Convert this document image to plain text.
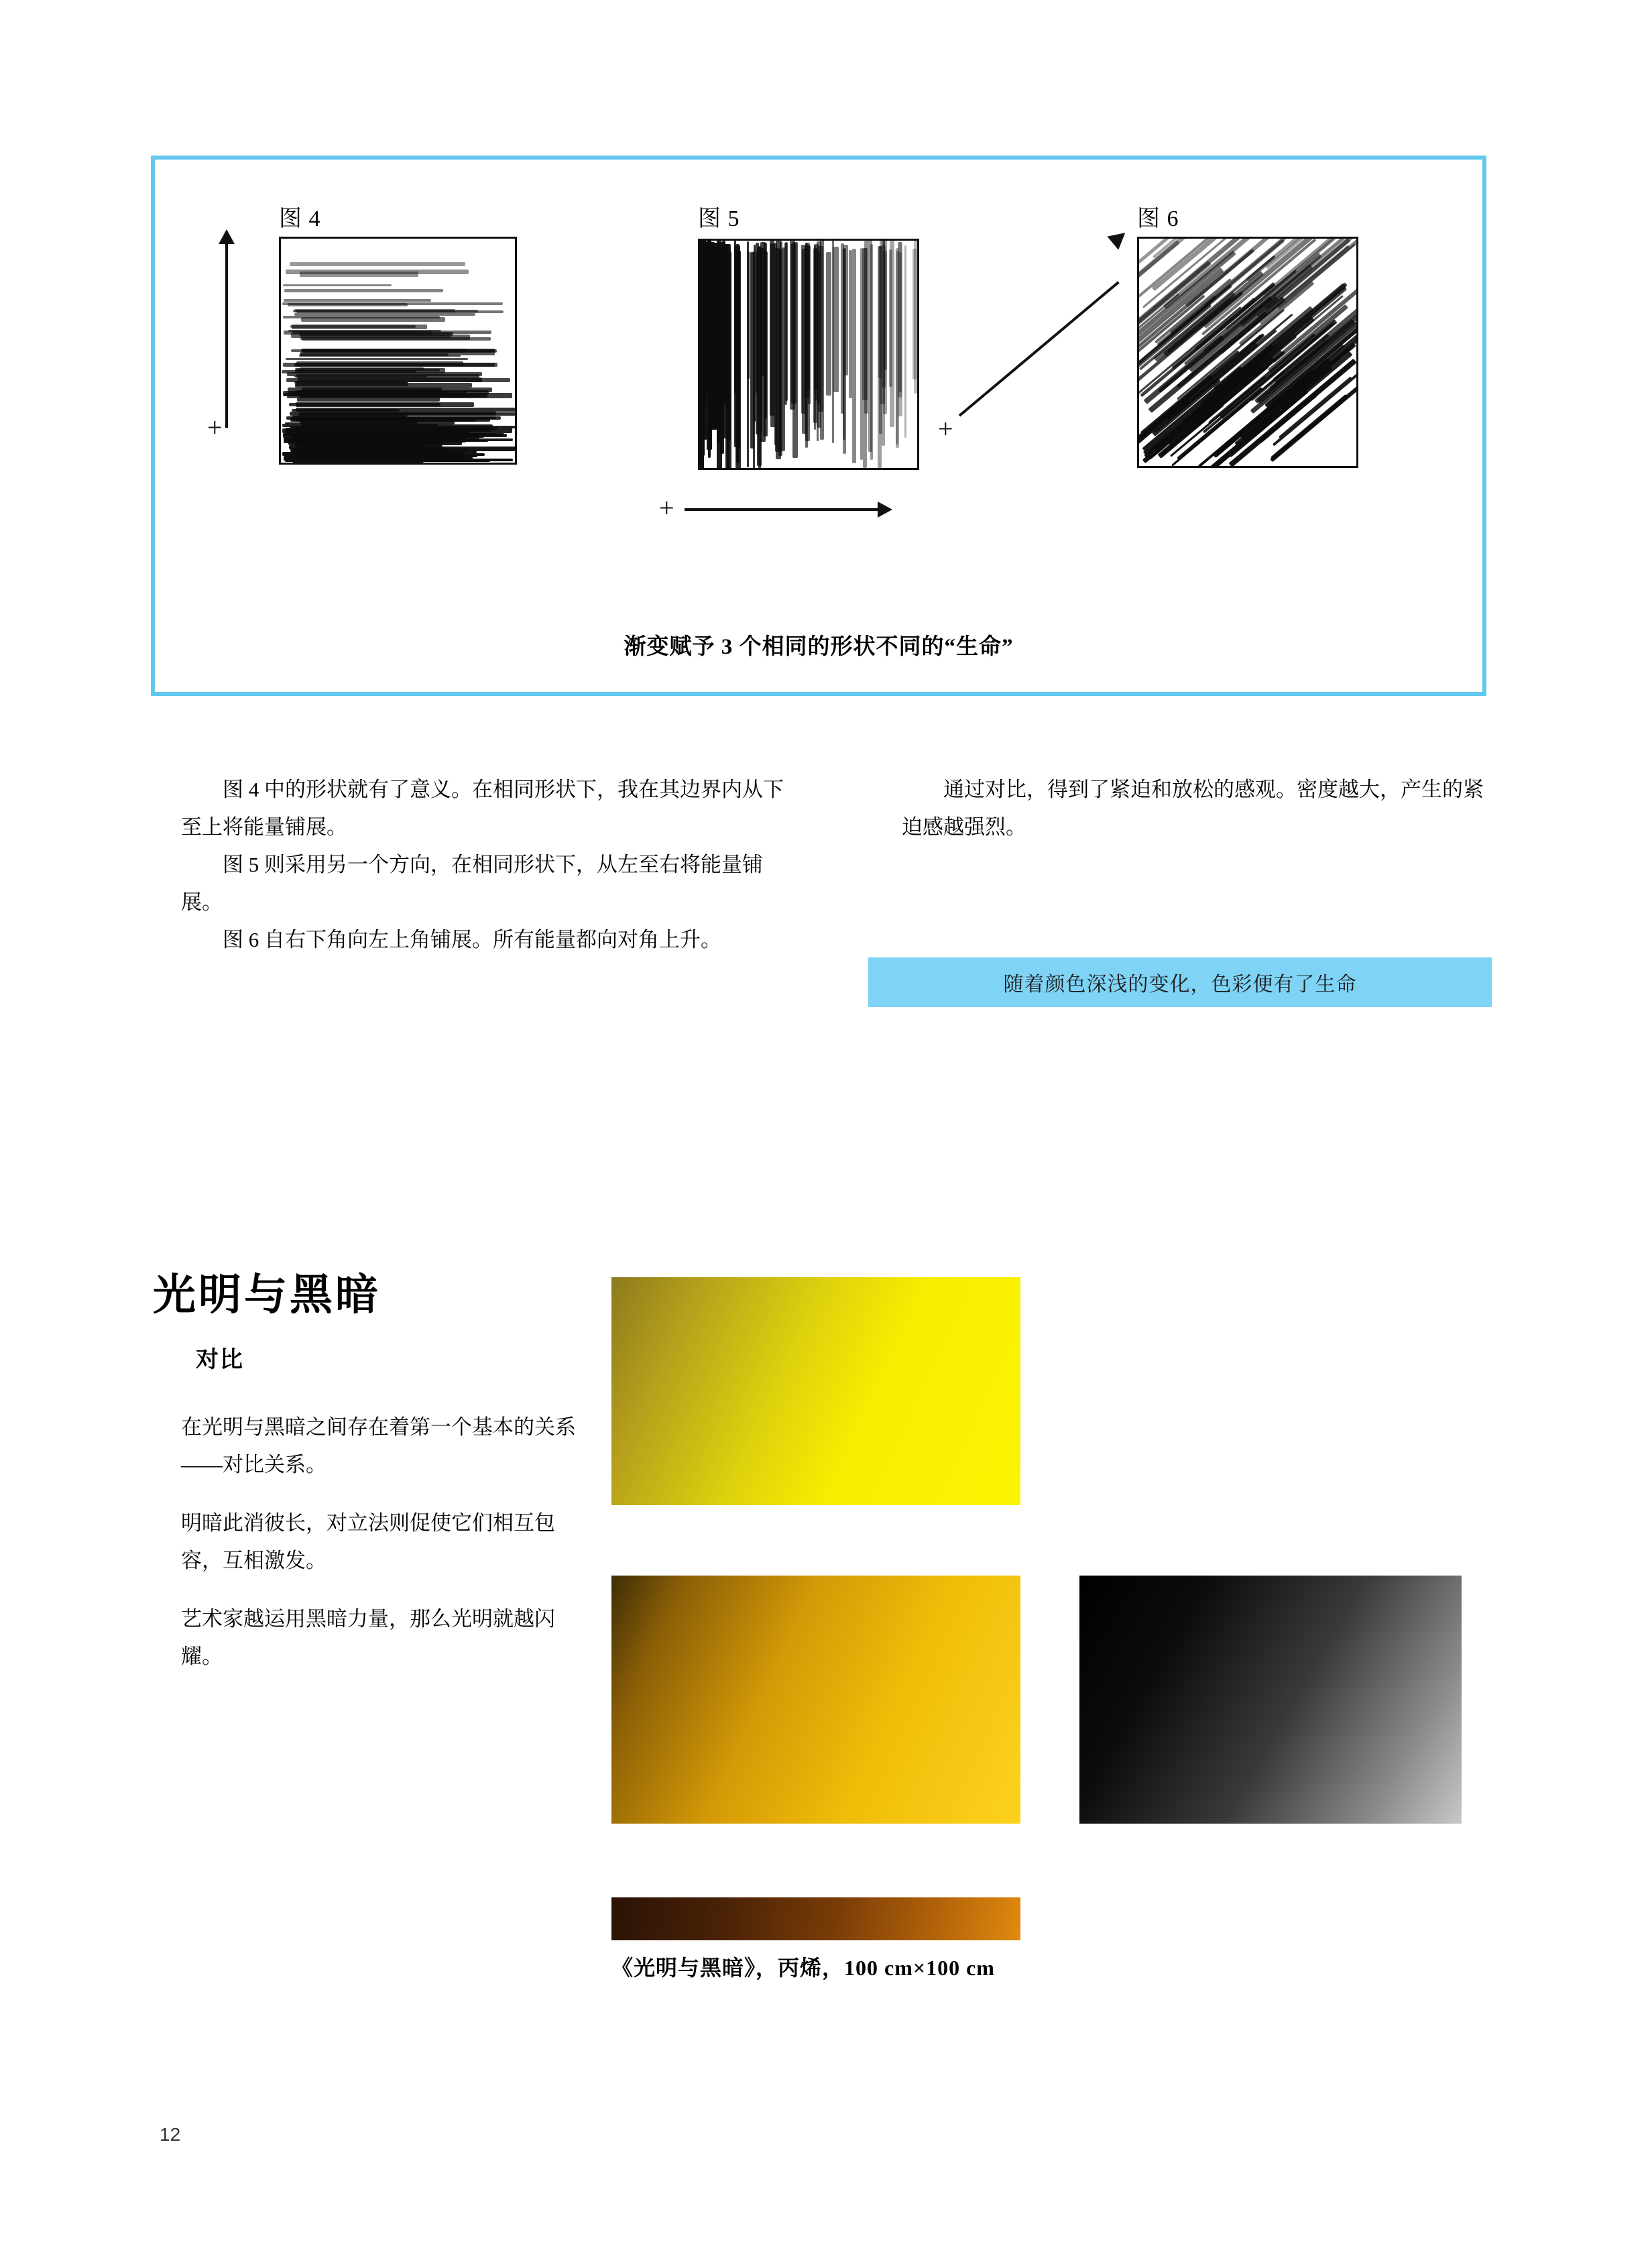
图 4	图 5	图 6
+
+
+
渐变赋予 3 个相同的形状不同的“生命”

图 4 中的形状就有了意义。在相同形状下，我在其边界内从下至上将能量铺展。

图 5 则采用另一个方向，在相同形状下，从左至右将能量铺展。

图 6 自右下角向左上角铺展。所有能量都向对角上升。

通过对比，得到了紧迫和放松的感观。密度越大，产生的紧迫感越强烈。

随着颜色深浅的变化，色彩便有了生命
光明与黑暗
对比

在光明与黑暗之间存在着第一个基本的关系——对比关系。

明暗此消彼长，对立法则促使它们相互包容，互相激发。

艺术家越运用黑暗力量，那么光明就越闪耀。

《光明与黑暗》，丙烯，100 cm×100 cm
12
